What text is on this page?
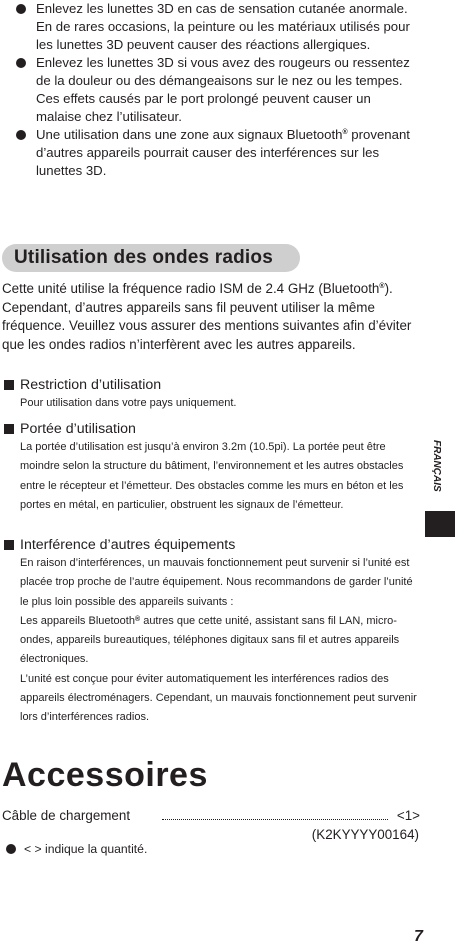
Enlevez les lunettes 3D en cas de sensation cutanée anormale.

En de rares occasions, la peinture ou les matériaux utilisés pour les lunettes 3D peuvent causer des réactions allergiques.

Enlevez les lunettes 3D si vous avez des rougeurs ou ressentez de la douleur ou des démangeaisons sur le nez ou les tempes.

Ces effets causés par le port prolongé peuvent causer un malaise chez l’utilisateur.

Une utilisation dans une zone aux signaux Bluetooth® provenant d’autres appareils pourrait causer des interférences sur les lunettes 3D.

Utilisation des ondes radios

Cette unité utilise la fréquence radio ISM de 2.4 GHz (Bluetooth®). Cependant, d’autres appareils sans fil peuvent utiliser la même fréquence. Veuillez vous assurer des mentions suivantes afin d’éviter que les ondes radios n’interfèrent avec les autres appareils.

Restriction d’utilisation

Pour utilisation dans votre pays uniquement.

Portée d’utilisation

La portée d’utilisation est jusqu’à environ 3.2m (10.5pi). La portée peut être moindre selon la structure du bâtiment, l’environnement et les autres obstacles entre le récepteur et l’émetteur. Des obstacles comme les murs en béton et les portes en métal, en particulier, obstruent les signaux de l’émetteur.

Interférence d’autres équipements

En raison d’interférences, un mauvais fonctionnement peut survenir si l’unité est placée trop proche de l’autre équipement. Nous recommandons de garder l’unité le plus loin possible des appareils suivants :

Les appareils Bluetooth® autres que cette unité, assistant sans fil LAN, micro-ondes, appareils bureautiques, téléphones digitaux sans fil et autres appareils électroniques.

L’unité est conçue pour éviter automatiquement les interférences radios des appareils électroménagers. Cependant, un mauvais fonctionnement peut survenir lors d’interférences radios.

FRANÇAIS
Accessoires
Câble de chargement	<1>
(K2KYYYY00164)
< > indique la quantité.
7
